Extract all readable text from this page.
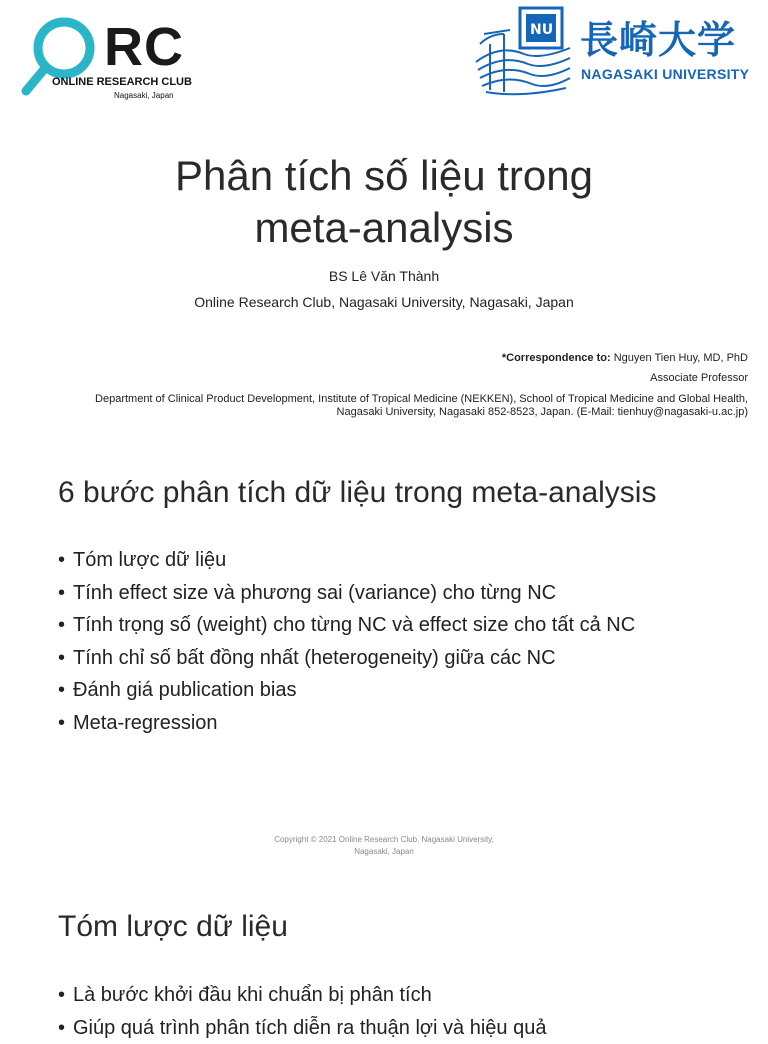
RC
ONLINE RESEARCH CLUB
Nagasaki, Japan
NU 長崎大学
NAGASAKI UNIVERSITY
Phân tích số liệu trong
meta-analysis
BS Lê Văn Thành
Online Research Club, Nagasaki University, Nagasaki, Japan
*Correspondence to: Nguyen Tien Huy, MD, PhD
Associate Professor
Department of Clinical Product Development, Institute of Tropical Medicine (NEKKEN), School of Tropical Medicine and Global Health, Nagasaki University, Nagasaki 852-8523, Japan. (E-Mail: tienhuy@nagasaki-u.ac.jp)
6 bước phân tích dữ liệu trong meta-analysis
• Tóm lược dữ liệu
• Tính effect size và phương sai (variance) cho từng NC
• Tính trọng số (weight) cho từng NC và effect size cho tất cả NC
• Tính chỉ số bất đồng nhất (heterogeneity) giữa các NC
• Đánh giá publication bias
• Meta-regression
Copyright © 2021 Online Research Club, Nagasaki University,
Nagasaki, Japan
Tóm lược dữ liệu
• Là bước khởi đầu khi chuẩn bị phân tích
• Giúp quá trình phân tích diễn ra thuận lợi và hiệu quả
